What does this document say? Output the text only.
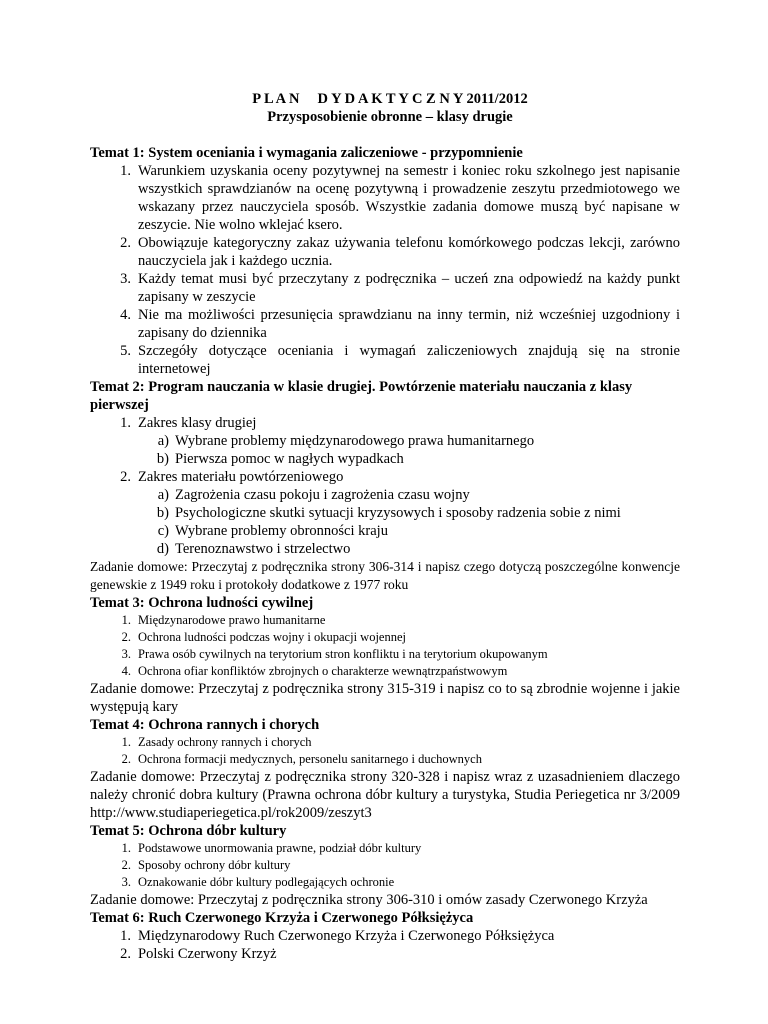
P L A N     D Y D A K T Y C Z N Y 2011/2012
Przysposobienie obronne – klasy drugie
Temat 1: System oceniania i wymagania zaliczeniowe - przypomnienie
1. Warunkiem uzyskania oceny pozytywnej na semestr i koniec roku szkolnego jest napisanie wszystkich sprawdzianów na ocenę pozytywną i prowadzenie zeszytu przedmiotowego we wskazany przez nauczyciela sposób. Wszystkie zadania domowe muszą być napisane w zeszycie. Nie wolno wklejać ksero.
2. Obowiązuje kategoryczny zakaz używania telefonu komórkowego podczas lekcji, zarówno nauczyciela jak i każdego ucznia.
3. Każdy temat musi być przeczytany z podręcznika – uczeń zna odpowiedź na każdy punkt zapisany w zeszycie
4. Nie ma możliwości przesunięcia sprawdzianu na inny termin, niż wcześniej uzgodniony i zapisany do dziennika
5. Szczegóły dotyczące oceniania i wymagań zaliczeniowych znajdują się na stronie internetowej
Temat 2: Program nauczania w klasie drugiej. Powtórzenie materiału nauczania z klasy pierwszej
1. Zakres klasy drugiej
a) Wybrane problemy międzynarodowego prawa humanitarnego
b) Pierwsza pomoc w nagłych wypadkach
2. Zakres materiału powtórzeniowego
a) Zagrożenia czasu pokoju i zagrożenia czasu wojny
b) Psychologiczne skutki sytuacji kryzysowych i sposoby radzenia sobie z nimi
c) Wybrane problemy obronności kraju
d) Terenoznawstwo i strzelectwo
Zadanie domowe: Przeczytaj z podręcznika strony 306-314 i napisz czego dotyczą poszczególne konwencje genewskie z 1949 roku i protokoły dodatkowe z 1977 roku
Temat 3: Ochrona ludności cywilnej
1. Międzynarodowe prawo humanitarne
2. Ochrona ludności podczas wojny i okupacji wojennej
3. Prawa osób cywilnych na terytorium stron konfliktu i na terytorium okupowanym
4. Ochrona ofiar konfliktów zbrojnych o charakterze wewnątrzpaństwowym
Zadanie domowe: Przeczytaj z podręcznika strony 315-319 i napisz co to są zbrodnie wojenne i jakie występują kary
Temat 4: Ochrona rannych i chorych
1. Zasady ochrony rannych i chorych
2. Ochrona formacji medycznych, personelu sanitarnego i duchownych
Zadanie domowe: Przeczytaj z podręcznika strony 320-328 i napisz wraz z uzasadnieniem dlaczego należy chronić dobra kultury (Prawna ochrona dóbr kultury a turystyka, Studia Periegetica nr 3/2009 http://www.studiaperiegetica.pl/rok2009/zeszyt3
Temat 5: Ochrona dóbr kultury
1. Podstawowe unormowania prawne, podział dóbr kultury
2. Sposoby ochrony dóbr kultury
3. Oznakowanie dóbr kultury podlegających ochronie
Zadanie domowe: Przeczytaj z podręcznika strony 306-310 i omów zasady Czerwonego Krzyża
Temat 6: Ruch Czerwonego Krzyża i Czerwonego Półksiężyca
1. Międzynarodowy Ruch Czerwonego Krzyża i Czerwonego Półksiężyca
2. Polski Czerwony Krzyż
